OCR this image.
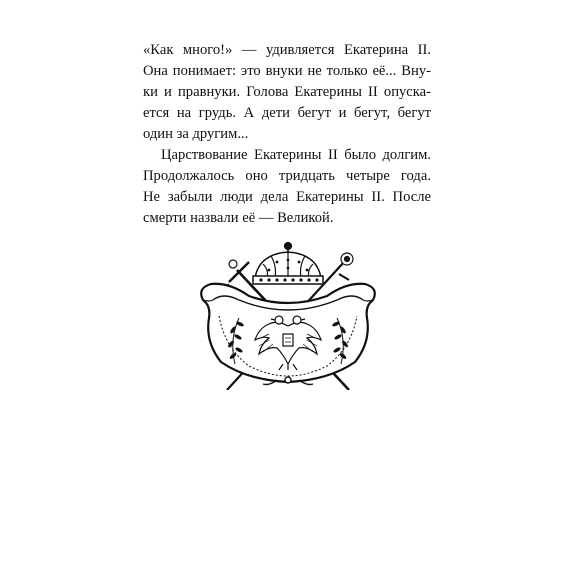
«Как много!» — удивляется Екатерина II.
Она понимает: это внуки не только её... Вну-
ки и правнуки. Голова Екатерины II опуска-
ется на грудь. А дети бегут и бегут, бегут
один за другим...
Царствование Екатерины II было долгим.
Продолжалось оно тридцать четыре года.
Не забыли люди дела Екатерины II. После
смерти назвали её — Великой.
